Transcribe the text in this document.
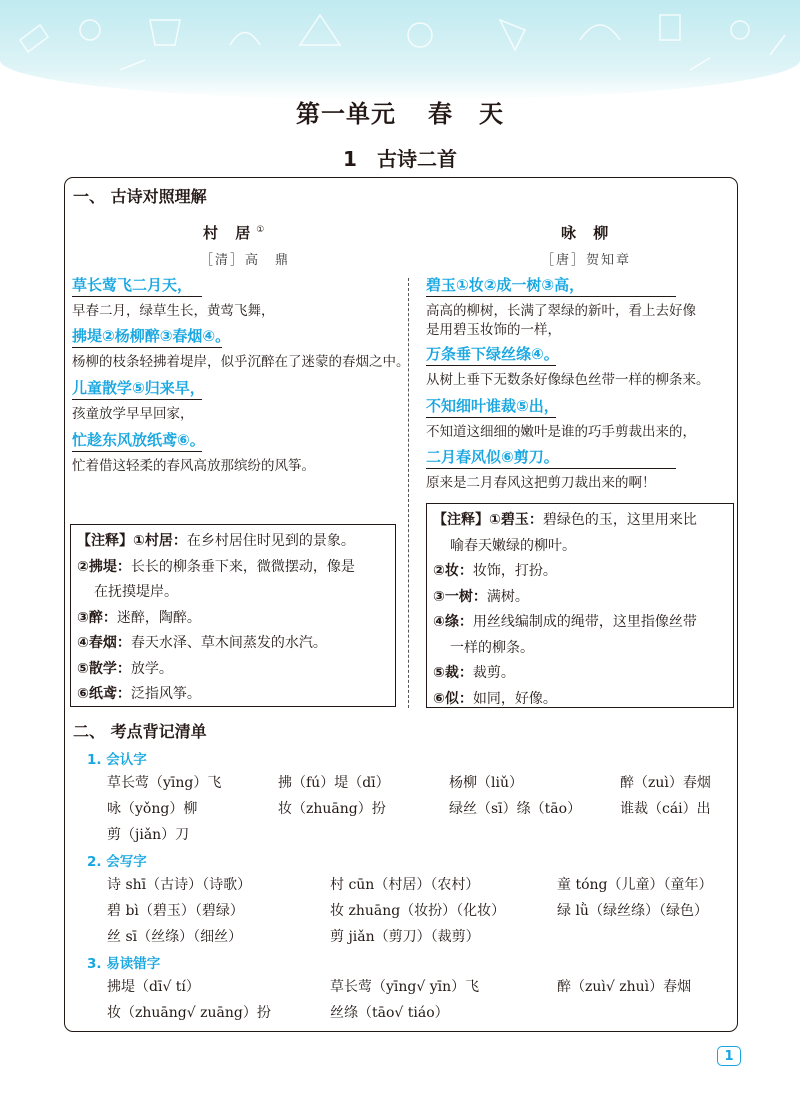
第一单元 春 天
1　古诗二首
一、 古诗对照理解
村 居①
［清］高　鼎
草长莺飞二月天，
早春二月，绿草生长，黄莺飞舞，
拂堤②杨柳醉③春烟④。
杨柳的枝条轻拂着堤岸，似乎沉醉在了迷蒙的春烟之中。
儿童散学⑤归来早，
孩童放学早早回家，
忙趁东风放纸鸢⑥。
忙着借这轻柔的春风高放那缤纷的风筝。
【注释】①村居：在乡村居住时见到的景象。
②拂堤：长长的柳条垂下来，微微摆动，像是
在抚摸堤岸。
③醉：迷醉，陶醉。
④春烟：春天水泽、草木间蒸发的水汽。
⑤散学：放学。
⑥纸鸢：泛指风筝。
咏 柳
［唐］贺知章
碧玉①妆②成一树③高，
高高的柳树，长满了翠绿的新叶，看上去好像
是用碧玉妆饰的一样，
万条垂下绿丝绦④。
从树上垂下无数条好像绿色丝带一样的柳条来。
不知细叶谁裁⑤出，
不知道这细细的嫩叶是谁的巧手剪裁出来的，
二月春风似⑥剪刀。
原来是二月春风这把剪刀裁出来的啊！
【注释】①碧玉：碧绿色的玉，这里用来比
喻春天嫩绿的柳叶。
②妆：妆饰，打扮。
③一树：满树。
④绦：用丝线编制成的绳带，这里指像丝带
一样的柳条。
⑤裁：裁剪。
⑥似：如同，好像。
二、 考点背记清单
1. 会认字
草长莺（yīng）飞	拂（fú）堤（dī）	杨柳（liǔ）	醉（zuì）春烟
咏（yǒng）柳	妆（zhuāng）扮	绿丝（sī）绦（tāo）	谁裁（cái）出
剪（jiǎn）刀
2. 会写字
诗 shī（古诗）（诗歌）	村 cūn（村居）（农村）	童 tóng（儿童）（童年）
碧 bì（碧玉）（碧绿）	妆 zhuāng（妆扮）（化妆）	绿 lǜ（绿丝绦）（绿色）
丝 sī（丝绦）（细丝）	剪 jiǎn（剪刀）（裁剪）
3. 易读错字
拂堤（dī√ tí）	草长莺（yīng√ yīn）飞	醉（zuì√ zhuì）春烟
妆（zhuāng√ zuāng）扮	丝绦（tāo√ tiáo）
1
